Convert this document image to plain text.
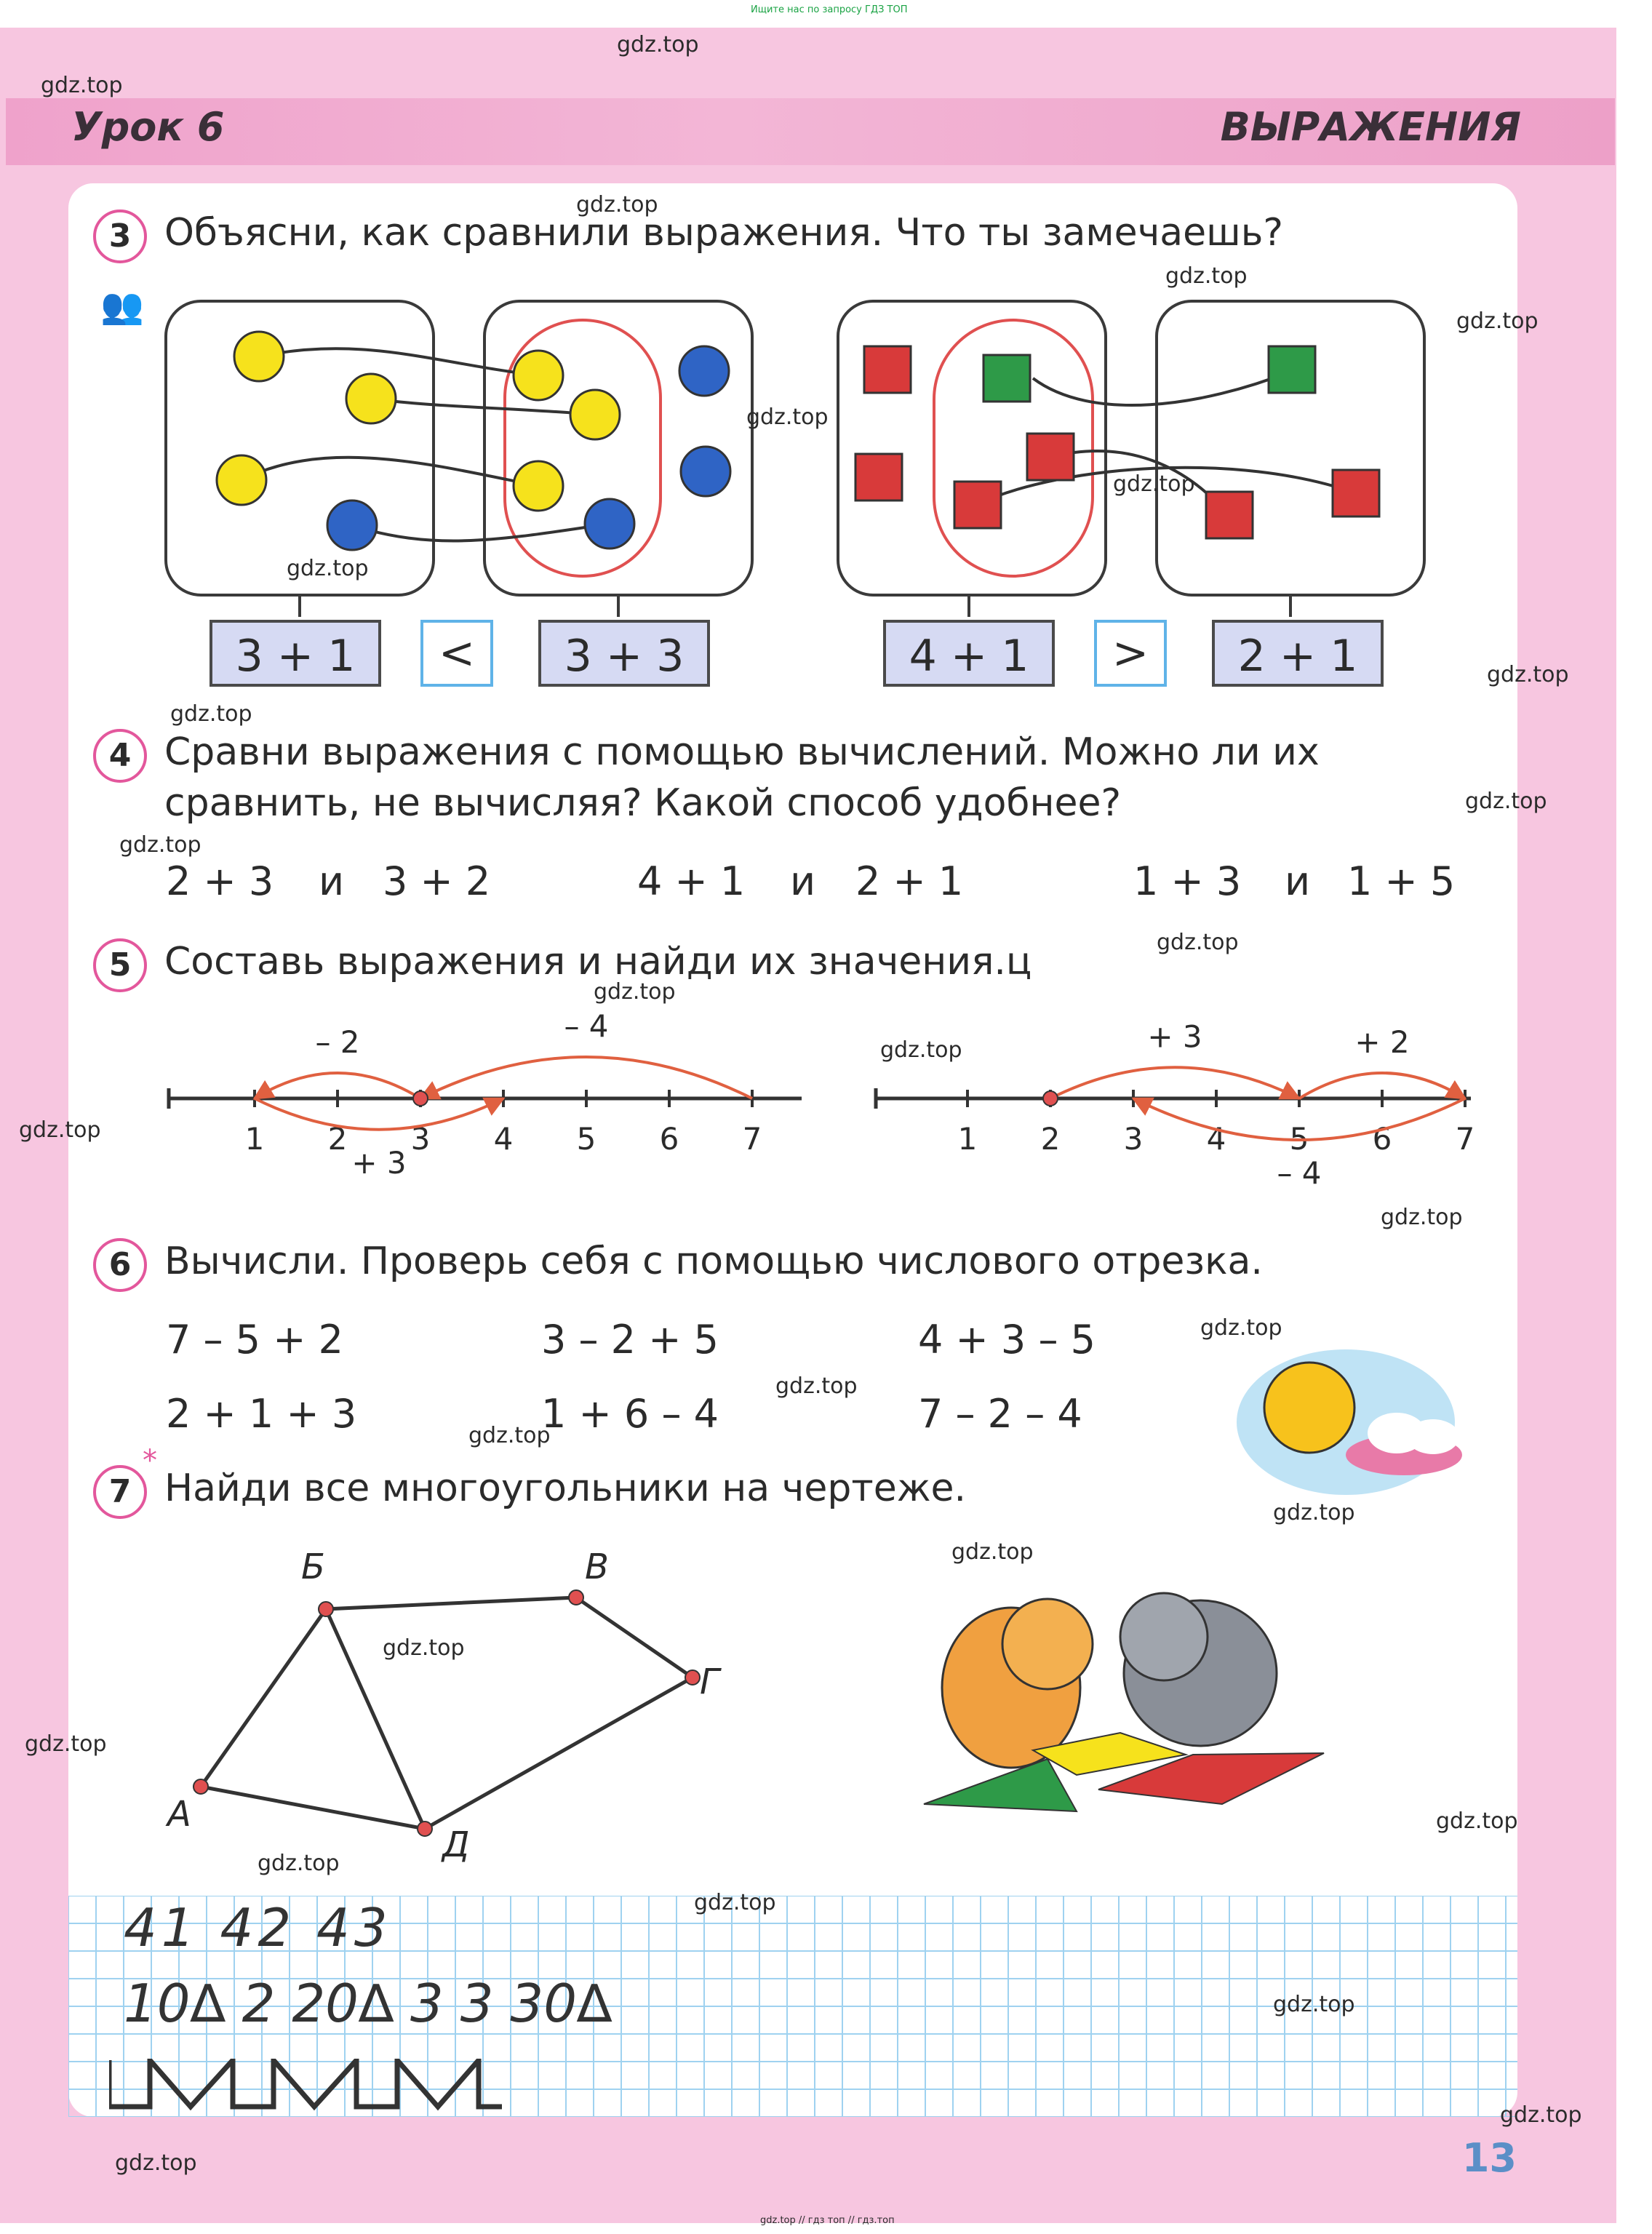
Ищите нас по запросу ГДЗ ТОП
Урок 6	ВЫРАЖЕНИЯ
3 Объясни, как сравнили выражения. Что ты замечаешь?
👥
3 + 1	<	3 + 3	4 + 1	>	2 + 1
4 Сравни выражения с помощью вычислений. Можно ли их
сравнить, не вычисляя? Какой способ удобнее?
2 + 3 и 3 + 2	4 + 1 и 2 + 1	1 + 3 и 1 + 5
5 Составь выражения и найди их значения.ц
1 2 3 4 5 6 7
– 2	– 4
+ 3
1 2 3 4 5 6 7
+ 3	+ 2
– 4
6 Вычисли. Проверь себя с помощью числового отрезка.
7 – 5 + 2	3 – 2 + 5	4 + 3 – 5
2 + 1 + 3	1 + 6 – 4	7 – 2 – 4
*
7 Найди все многоугольники на чертеже.
А
Б	В
Г
Д
41 42 43
10∆ 2 20∆ 3 3 30∆
13
gdz.top // гдз топ // гдз.топ
gdz.top
gdz.top
gdz.top
gdz.top
gdz.top
gdz.top
gdz.top
gdz.top
gdz.top
gdz.top
gdz.top
gdz.top
gdz.top
gdz.top
gdz.top
gdz.top
gdz.top
gdz.top
gdz.top
gdz.top
gdz.top
gdz.top
gdz.top
gdz.top
gdz.top
gdz.top
gdz.top
gdz.top
gdz.top
gdz.top
